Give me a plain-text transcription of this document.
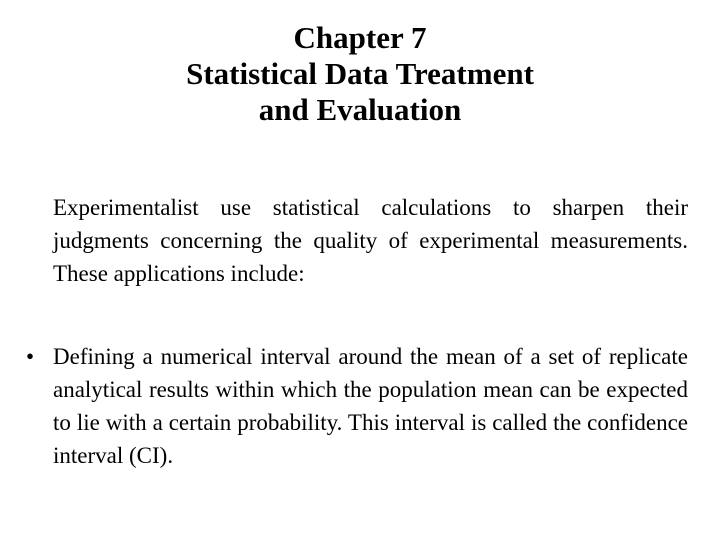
Chapter 7
Statistical Data Treatment
and Evaluation

Experimentalist use statistical calculations to sharpen their judgments concerning the quality of experimental measurements. These applications include:

• Defining a numerical interval around the mean of a set of replicate analytical results within which the population mean can be expected to lie with a certain probability. This interval is called the confidence interval (CI).
